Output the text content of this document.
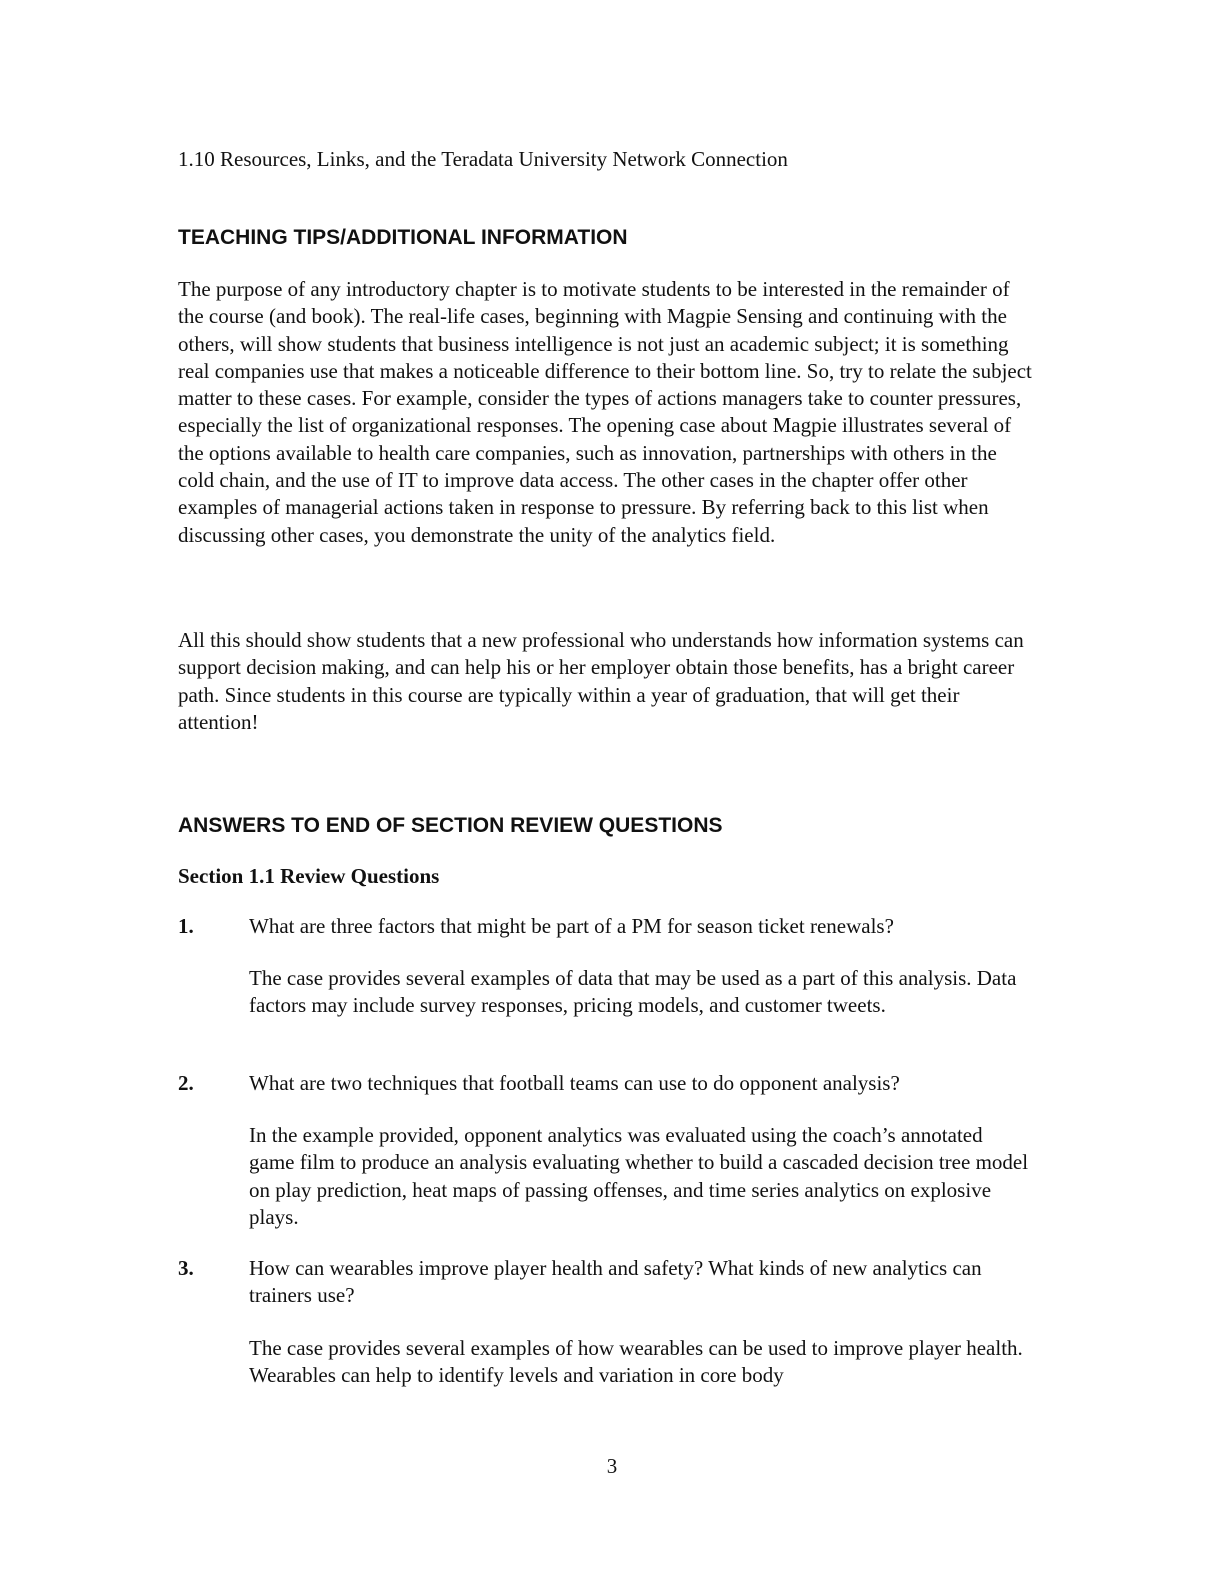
1.10 Resources, Links, and the Teradata University Network Connection
TEACHING TIPS/ADDITIONAL INFORMATION

The purpose of any introductory chapter is to motivate students to be interested in the remainder of the course (and book). The real-life cases, beginning with Magpie Sensing and continuing with the others, will show students that business intelligence is not just an academic subject; it is something real companies use that makes a noticeable difference to their bottom line. So, try to relate the subject matter to these cases. For example, consider the types of actions managers take to counter pressures, especially the list of organizational responses. The opening case about Magpie illustrates several of the options available to health care companies, such as innovation, partnerships with others in the cold chain, and the use of IT to improve data access. The other cases in the chapter offer other examples of managerial actions taken in response to pressure. By referring back to this list when discussing other cases, you demonstrate the unity of the analytics field.

All this should show students that a new professional who understands how information systems can support decision making, and can help his or her employer obtain those benefits, has a bright career path. Since students in this course are typically within a year of graduation, that will get their attention!

ANSWERS TO END OF SECTION REVIEW QUESTIONS
Section 1.1 Review Questions
1.	What are three factors that might be part of a PM for season ticket renewals?
The case provides several examples of data that may be used as a part of this analysis. Data factors may include survey responses, pricing models, and customer tweets.
2.	What are two techniques that football teams can use to do opponent analysis?
In the example provided, opponent analytics was evaluated using the coach’s annotated game film to produce an analysis evaluating whether to build a cascaded decision tree model on play prediction, heat maps of passing offenses, and time series analytics on explosive plays.
3.	How can wearables improve player health and safety? What kinds of new analytics can trainers use?
The case provides several examples of how wearables can be used to improve player health. Wearables can help to identify levels and variation in core body
3
